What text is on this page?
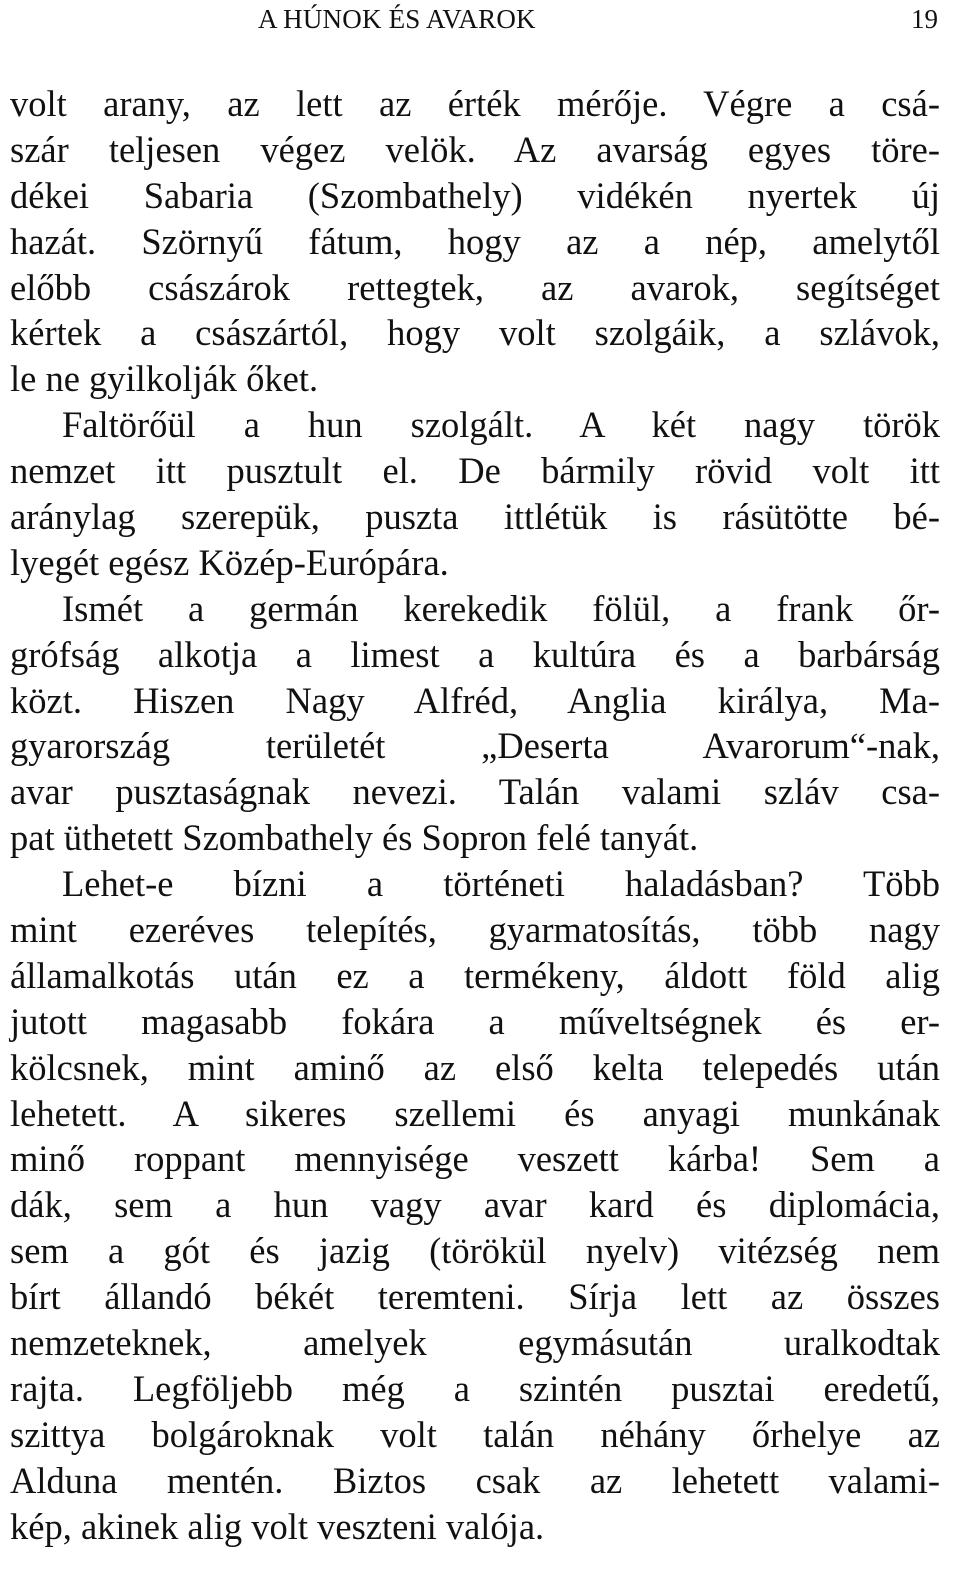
A HÚNOK ÉS AVAROK	19
volt arany, az lett az érték mérője. Végre a csá-
szár teljesen végez velök. Az avarság egyes töre-
dékei Sabaria (Szombathely) vidékén nyertek új
hazát. Szörnyű fátum, hogy az a nép, amelytől
előbb császárok rettegtek, az avarok, segítséget
kértek a császártól, hogy volt szolgáik, a szlávok,
le ne gyilkolják őket.
Faltörőül a hun szolgált. A két nagy török
nemzet itt pusztult el. De bármily rövid volt itt
aránylag szerepük, puszta ittlétük is rásütötte bé-
lyegét egész Közép-Európára.
Ismét a germán kerekedik fölül, a frank őr-
grófság alkotja a limest a kultúra és a barbárság
közt. Hiszen Nagy Alfréd, Anglia királya, Ma-
gyarország területét „Deserta Avarorum“-nak,
avar pusztaságnak nevezi. Talán valami szláv csa-
pat üthetett Szombathely és Sopron felé tanyát.
Lehet-e bízni a történeti haladásban? Több
mint ezeréves telepítés, gyarmatosítás, több nagy
államalkotás után ez a termékeny, áldott föld alig
jutott magasabb fokára a műveltségnek és er-
kölcsnek, mint aminő az első kelta telepedés után
lehetett. A sikeres szellemi és anyagi munkának
minő roppant mennyisége veszett kárba! Sem a
dák, sem a hun vagy avar kard és diplomácia,
sem a gót és jazig (törökül nyelv) vitézség nem
bírt állandó békét teremteni. Sírja lett az összes
nemzeteknek, amelyek egymásután uralkodtak
rajta. Legföljebb még a szintén pusztai eredetű,
szittya bolgároknak volt talán néhány őrhelye az
Alduna mentén. Biztos csak az lehetett valami-
kép, akinek alig volt veszteni valója.
